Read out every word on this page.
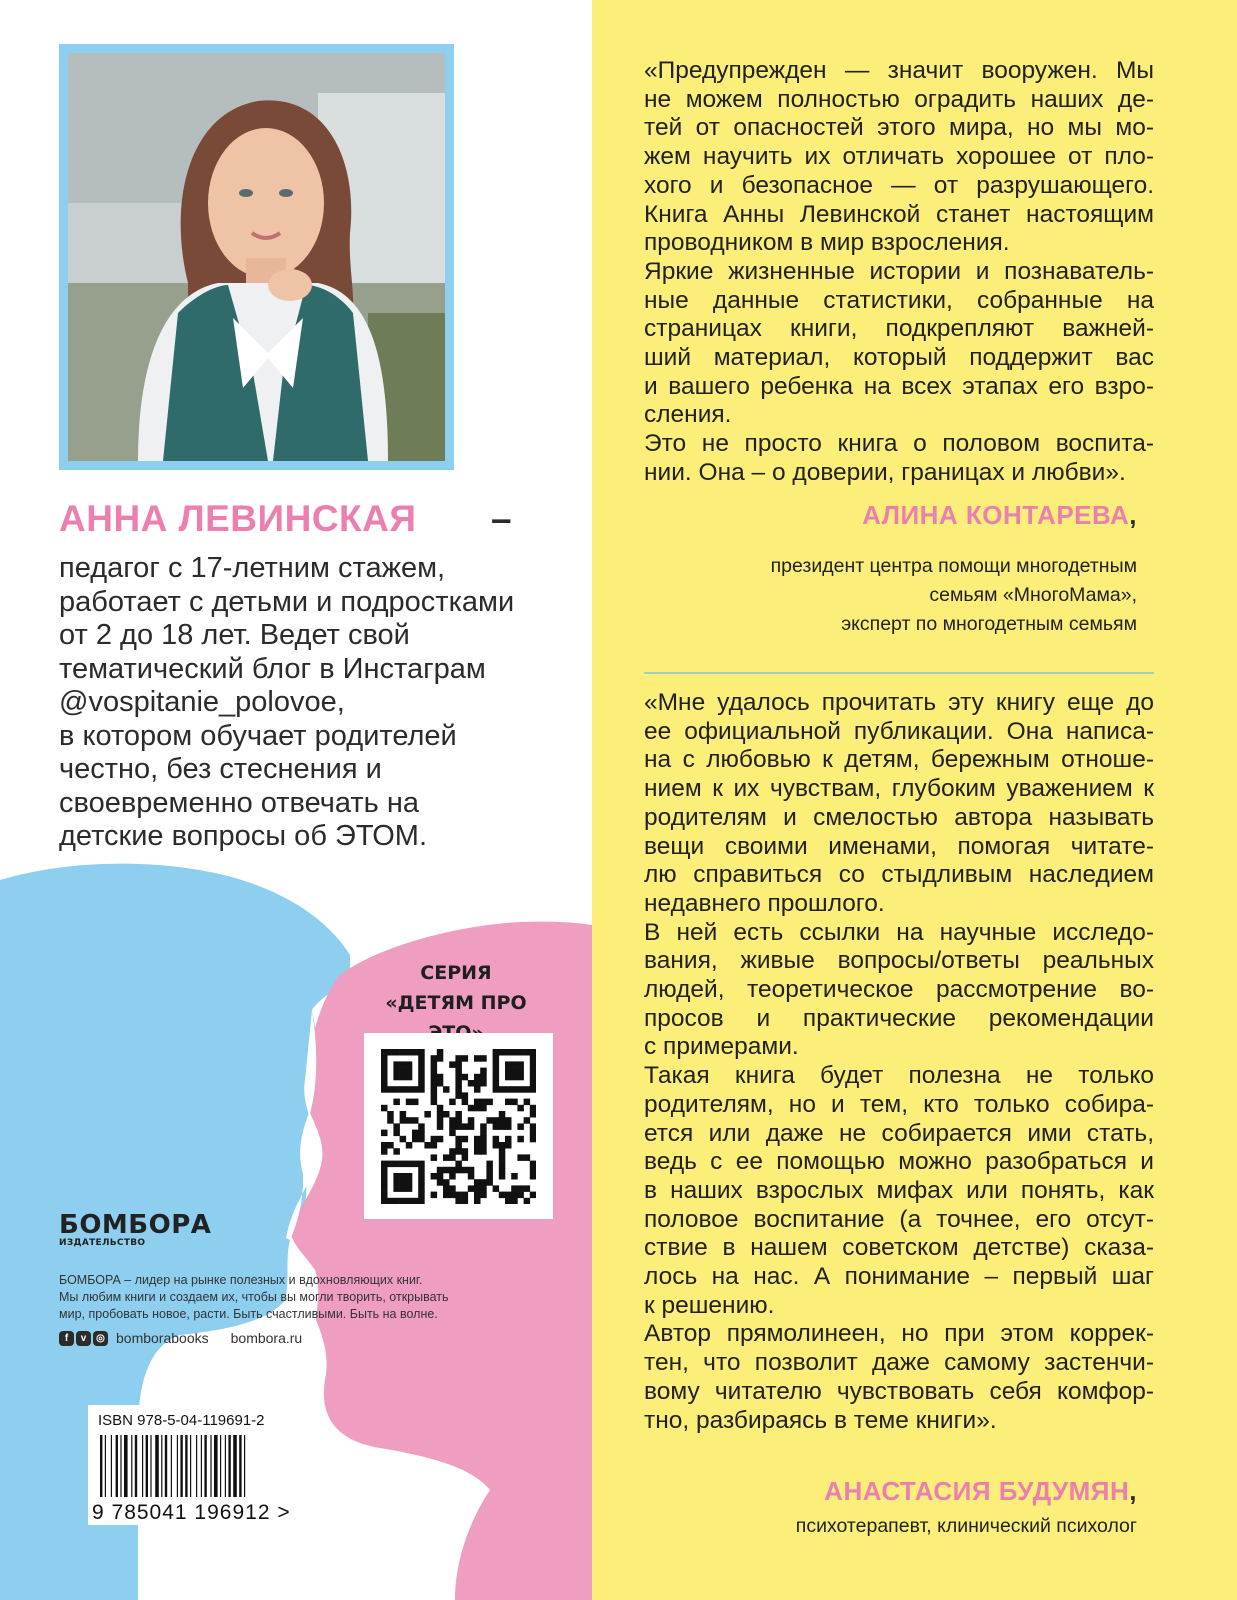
АННА ЛЕВИНСКАЯ –
педагог с 17-летним стажем,
работает с детьми и подростками
от 2 до 18 лет. Ведет свой
тематический блог в Инстаграм
@vospitanie_polovoe,
в котором обучает родителей
честно, без стеснения и
своевременно отвечать на
детские вопросы об ЭТОМ.
СЕРИЯ
«ДЕТЯМ ПРО
БОМБОРА
ИЗДАТЕЛЬСТВО
БОМБОРА – лидер на рынке полезных и вдохновляющих книг.
Мы любим книги и создаем их, чтобы вы могли творить, открывать
мир, пробовать новое, расти. Быть счастливыми. Быть на волне.
f	v ◎ bomborabooks bombora.ru
ISBN 978-5-04-119691-2
9 785041 196912 >
«Предупрежден — значит вооружен. Мы
не можем полностью оградить наших де-
тей от опасностей этого мира, но мы мо-
жем научить их отличать хорошее от пло-
хого и безопасное — от разрушающего.
Книга Анны Левинской станет настоящим
проводником в мир взросления.
Яркие жизненные истории и познаватель-
ные данные статистики, собранные на
страницах книги, подкрепляют важней-
ший материал, который поддержит вас
и вашего ребенка на всех этапах его взро-
сления.
Это не просто книга о половом воспита-
нии. Она – о доверии, границах и любви».
АЛИНА КОНТАРЕВА,
президент центра помощи многодетным
семьям «МногоМама»,
эксперт по многодетным семьям
«Мне удалось прочитать эту книгу еще до
ее официальной публикации. Она написа-
на с любовью к детям, бережным отноше-
нием к их чувствам, глубоким уважением к
родителям и смелостью автора называть
вещи своими именами, помогая читате-
лю справиться со стыдливым наследием
недавнего прошлого.
В ней есть ссылки на научные исследо-
вания, живые вопросы/ответы реальных
людей, теоретическое рассмотрение во-
просов и практические рекомендации
с примерами.
Такая книга будет полезна не только
родителям, но и тем, кто только собира-
ется или даже не собирается ими стать,
ведь с ее помощью можно разобраться и
в наших взрослых мифах или понять, как
половое воспитание (а точнее, его отсут-
ствие в нашем советском детстве) сказа-
лось на нас. А понимание – первый шаг
к решению.
Автор прямолинеен, но при этом коррек-
тен, что позволит даже самому застенчи-
вому читателю чувствовать себя комфор-
тно, разбираясь в теме книги».
АНАСТАСИЯ БУДУМЯН,
психотерапевт, клинический психолог
